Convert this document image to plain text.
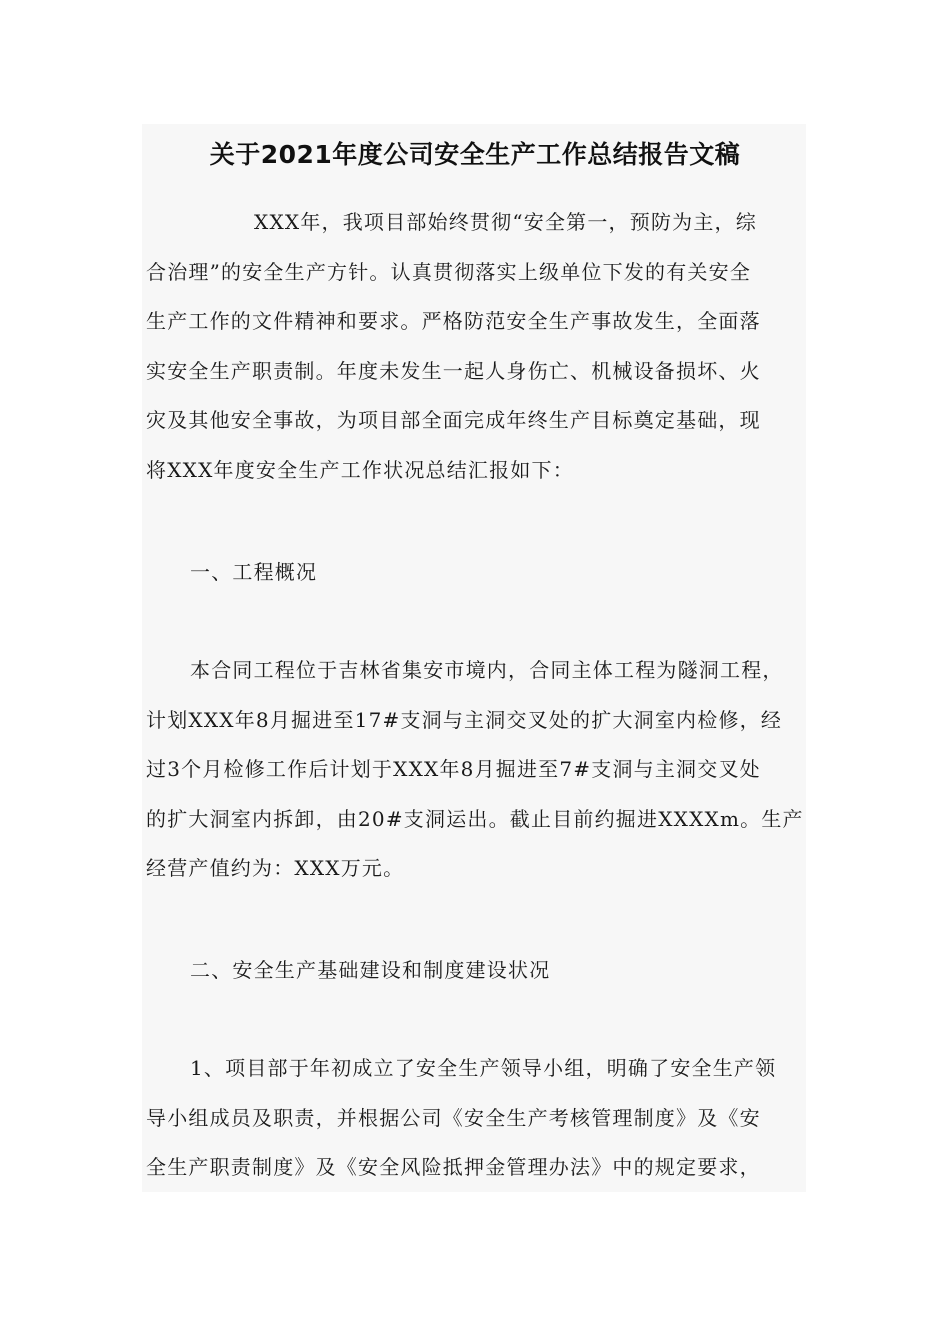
关于2021年度公司安全生产工作总结报告文稿
XXX年，我项目部始终贯彻“安全第一，预防为主，综
合治理”的安全生产方针。认真贯彻落实上级单位下发的有关安全
生产工作的文件精神和要求。严格防范安全生产事故发生，全面落
实安全生产职责制。年度未发生一起人身伤亡、机械设备损坏、火
灾及其他安全事故，为项目部全面完成年终生产目标奠定基础，现
将XXX年度安全生产工作状况总结汇报如下：

一、工程概况

本合同工程位于吉林省集安市境内，合同主体工程为隧洞工程，
计划XXX年8月掘进至17#支洞与主洞交叉处的扩大洞室内检修，经
过3个月检修工作后计划于XXX年8月掘进至7#支洞与主洞交叉处
的扩大洞室内拆卸，由20#支洞运出。截止目前约掘进XXXXm。生产
经营产值约为：XXX万元。

二、安全生产基础建设和制度建设状况

1、项目部于年初成立了安全生产领导小组，明确了安全生产领
导小组成员及职责，并根据公司《安全生产考核管理制度》及《安
全生产职责制度》及《安全风险抵押金管理办法》中的规定要求，
